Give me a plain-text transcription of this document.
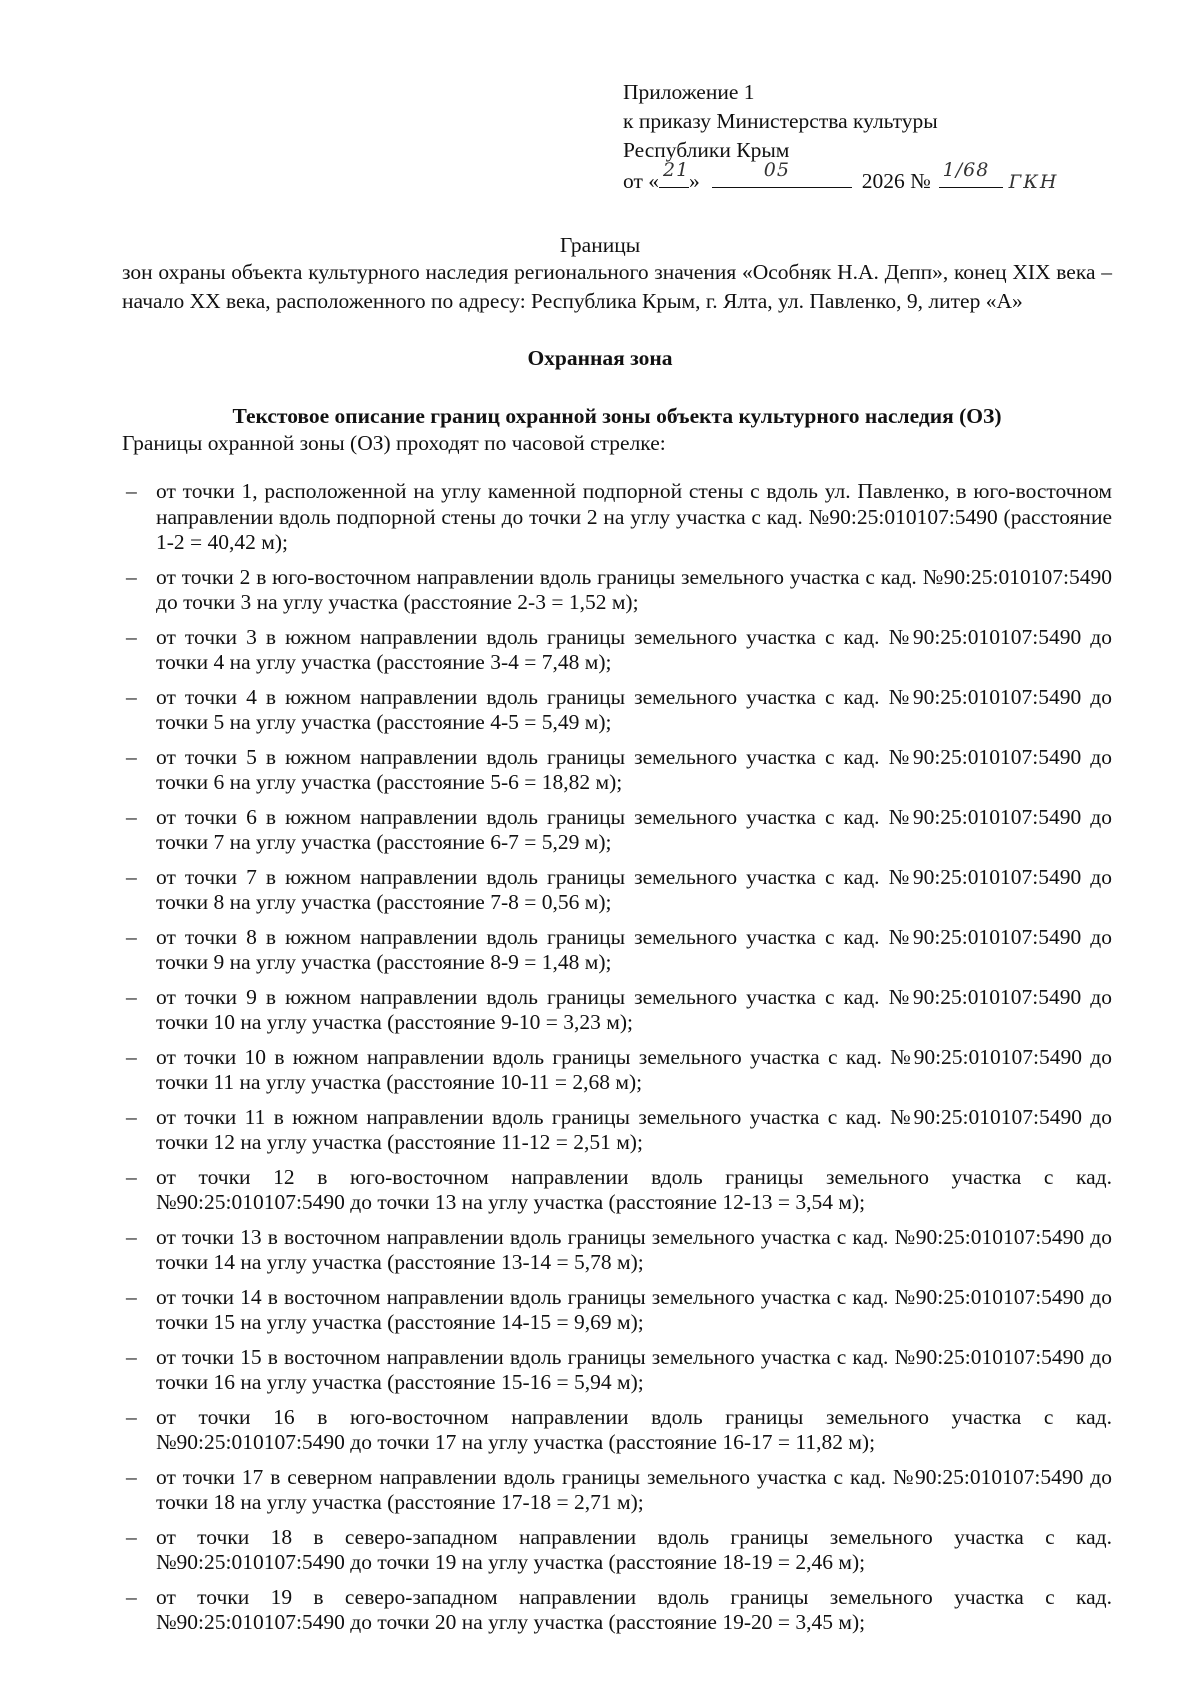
Приложение 1
к приказу Министерства культуры
Республики Крым
от « 21 »	05	2026 № 1/68
ГКН
Границы
зон охраны объекта культурного наследия регионального значения «Особняк Н.А. Депп», конец XIX века – начало XX века, расположенного по адресу: Республика Крым, г. Ялта, ул. Павленко, 9, литер «А»
Охранная зона
Текстовое описание границ охранной зоны объекта культурного наследия (ОЗ)
Границы охранной зоны (ОЗ) проходят по часовой стрелке:
– от точки 1, расположенной на углу каменной подпорной стены с вдоль ул. Павленко, в юго-восточном направлении вдоль подпорной стены до точки 2 на углу участка с кад. №90:25:010107:5490 (расстояние 1-2 = 40,42 м);
– от точки 2 в юго-восточном направлении вдоль границы земельного участка с кад. №90:25:010107:5490 до точки 3 на углу участка (расстояние 2-3 = 1,52 м);
– от точки 3 в южном направлении вдоль границы земельного участка с кад. №90:25:010107:5490 до точки 4 на углу участка (расстояние 3-4 = 7,48 м);
– от точки 4 в южном направлении вдоль границы земельного участка с кад. №90:25:010107:5490 до точки 5 на углу участка (расстояние 4-5 = 5,49 м);
– от точки 5 в южном направлении вдоль границы земельного участка с кад. №90:25:010107:5490 до точки 6 на углу участка (расстояние 5-6 = 18,82 м);
– от точки 6 в южном направлении вдоль границы земельного участка с кад. №90:25:010107:5490 до точки 7 на углу участка (расстояние 6-7 = 5,29 м);
– от точки 7 в южном направлении вдоль границы земельного участка с кад. №90:25:010107:5490 до точки 8 на углу участка (расстояние 7-8 = 0,56 м);
– от точки 8 в южном направлении вдоль границы земельного участка с кад. №90:25:010107:5490 до точки 9 на углу участка (расстояние 8-9 = 1,48 м);
– от точки 9 в южном направлении вдоль границы земельного участка с кад. №90:25:010107:5490 до точки 10 на углу участка (расстояние 9-10 = 3,23 м);
– от точки 10 в южном направлении вдоль границы земельного участка с кад. №90:25:010107:5490 до точки 11 на углу участка (расстояние 10-11 = 2,68 м);
– от точки 11 в южном направлении вдоль границы земельного участка с кад. №90:25:010107:5490 до точки 12 на углу участка (расстояние 11-12 = 2,51 м);
– от точки 12 в юго-восточном направлении вдоль границы земельного участка с кад. №90:25:010107:5490 до точки 13 на углу участка (расстояние 12-13 = 3,54 м);
– от точки 13 в восточном направлении вдоль границы земельного участка с кад. №90:25:010107:5490 до точки 14 на углу участка (расстояние 13-14 = 5,78 м);
– от точки 14 в восточном направлении вдоль границы земельного участка с кад. №90:25:010107:5490 до точки 15 на углу участка (расстояние 14-15 = 9,69 м);
– от точки 15 в восточном направлении вдоль границы земельного участка с кад. №90:25:010107:5490 до точки 16 на углу участка (расстояние 15-16 = 5,94 м);
– от точки 16 в юго-восточном направлении вдоль границы земельного участка с кад. №90:25:010107:5490 до точки 17 на углу участка (расстояние 16-17 = 11,82 м);
– от точки 17 в северном направлении вдоль границы земельного участка с кад. №90:25:010107:5490 до точки 18 на углу участка (расстояние 17-18 = 2,71 м);
– от точки 18 в северо-западном направлении вдоль границы земельного участка с кад. №90:25:010107:5490 до точки 19 на углу участка (расстояние 18-19 = 2,46 м);
– от точки 19 в северо-западном направлении вдоль границы земельного участка с кад. №90:25:010107:5490 до точки 20 на углу участка (расстояние 19-20 = 3,45 м);
